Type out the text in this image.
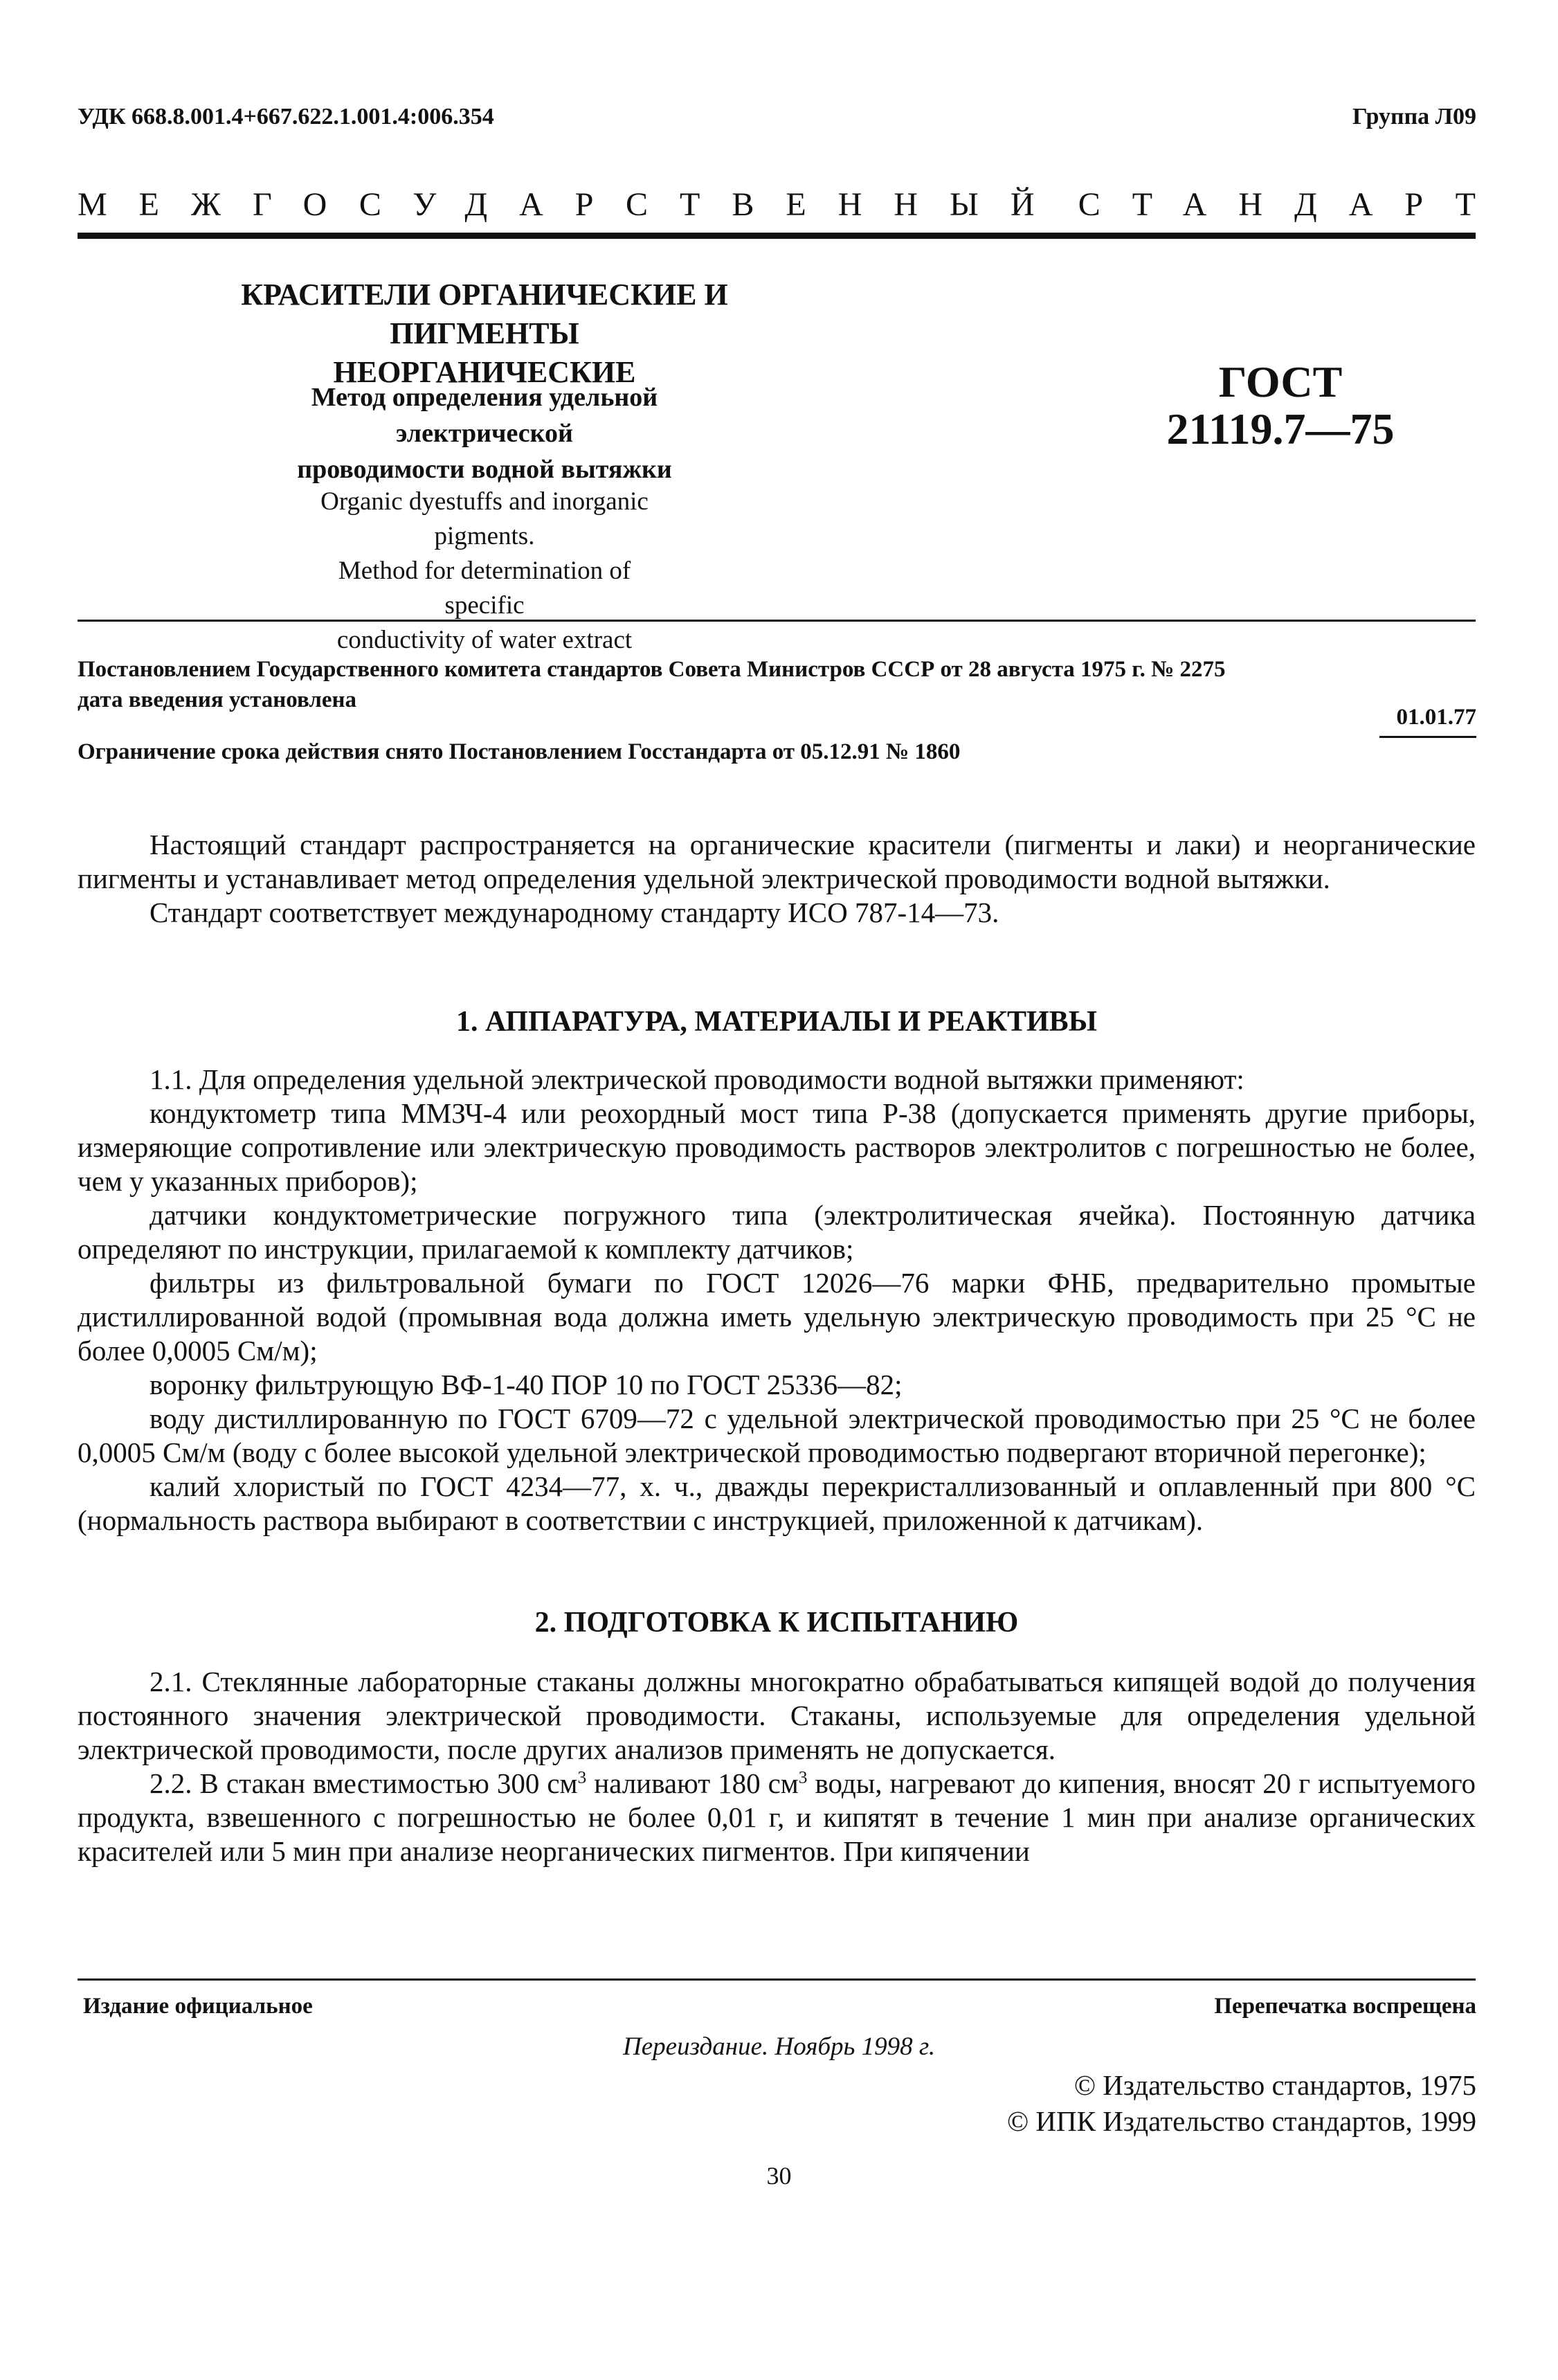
УДК 668.8.001.4+667.622.1.001.4:006.354	Группа Л09
МЕЖГОСУДАРСТВЕННЫЙ СТАНДАРТ
КРАСИТЕЛИ ОРГАНИЧЕСКИЕ И ПИГМЕНТЫ
НЕОРГАНИЧЕСКИЕ
Метод определения удельной электрической
проводимости водной вытяжки
ГОСТ
21119.7—75
Organic dyestuffs and inorganic pigments.
Method for determination of specific
conductivity of water extract
Постановлением Государственного комитета стандартов Совета Министров СССР от 28 августа 1975 г. № 2275
дата введения установлена
01.01.77
Ограничение срока действия снято Постановлением Госстандарта от 05.12.91 № 1860

Настоящий стандарт распространяется на органические красители (пигменты и лаки) и неорганические пигменты и устанавливает метод определения удельной электрической проводимости водной вытяжки.

Стандарт соответствует международному стандарту ИСО 787-14—73.

1. АППАРАТУРА, МАТЕРИАЛЫ И РЕАКТИВЫ

1.1. Для определения удельной электрической проводимости водной вытяжки применяют:

кондуктометр типа ММЗЧ-4 или реохордный мост типа Р-38 (допускается применять другие приборы, измеряющие сопротивление или электрическую проводимость растворов электролитов с погрешностью не более, чем у указанных приборов);

датчики кондуктометрические погружного типа (электролитическая ячейка). Постоянную датчика определяют по инструкции, прилагаемой к комплекту датчиков;

фильтры из фильтровальной бумаги по ГОСТ 12026—76 марки ФНБ, предварительно промытые дистиллированной водой (промывная вода должна иметь удельную электрическую проводимость при 25 °С не более 0,0005 См/м);

воронку фильтрующую ВФ-1-40 ПОР 10 по ГОСТ 25336—82;

воду дистиллированную по ГОСТ 6709—72 с удельной электрической проводимостью при 25 °С не более 0,0005 См/м (воду с более высокой удельной электрической проводимостью подвергают вторичной перегонке);

калий хлористый по ГОСТ 4234—77, х. ч., дважды перекристаллизованный и оплавленный при 800 °С (нормальность раствора выбирают в соответствии с инструкцией, приложенной к датчикам).

2. ПОДГОТОВКА К ИСПЫТАНИЮ

2.1. Стеклянные лабораторные стаканы должны многократно обрабатываться кипящей водой до получения постоянного значения электрической проводимости. Стаканы, используемые для определения удельной электрической проводимости, после других анализов применять не допускается.

2.2. В стакан вместимостью 300 $см^3$ наливают 180 $см^3$ воды, нагревают до кипения, вносят 20 г испытуемого продукта, взвешенного с погрешностью не более 0,01 г, и кипятят в течение 1 мин при анализе органических красителей или 5 мин при анализе неорганических пигментов. При кипячении

Издание официальное	Перепечатка воспрещена
Переиздание. Ноябрь 1998 г.
© Издательство стандартов, 1975
© ИПК Издательство стандартов, 1999
30
